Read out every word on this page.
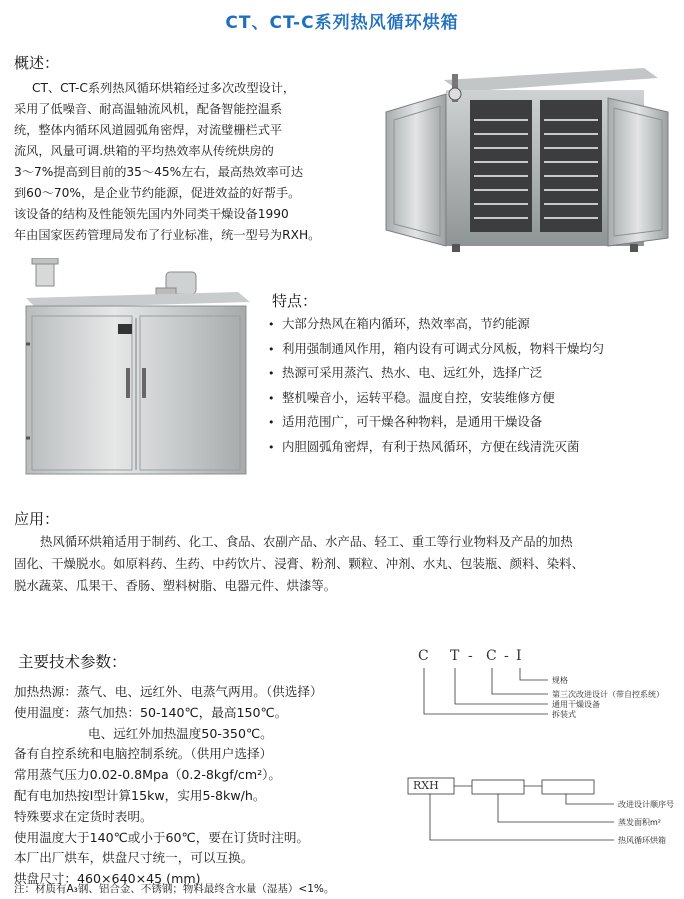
CT、CT-C系列热风循环烘箱
概述：

CT、CT-C系列热风循环烘箱经过多次改型设计，

采用了低噪音、耐高温轴流风机，配备智能控温系

统，整体内循环风道圆弧角密焊，对流璧栅栏式平

流风，风量可调.烘箱的平均热效率从传统烘房的

3～7%提高到目前的35～45%左右，最高热效率可达

到60～70%，是企业节约能源，促进效益的好帮手。

该设备的结构及性能领先国内外同类干燥设备1990

年由国家医药管理局发布了行业标准，统一型号为RXH。

特点：
• 大部分热风在箱内循环，热效率高，节约能源
• 利用强制通风作用，箱内设有可调式分风板，物料干燥均匀
• 热源可采用蒸汽、热水、电、远红外，选择广泛
• 整机噪音小，运转平稳。温度自控，安装维修方便
• 适用范围广，可干燥各种物料，是通用干燥设备
• 内胆圆弧角密焊，有利于热风循环，方便在线清洗灭菌
应用：

热风循环烘箱适用于制药、化工、食品、农副产品、水产品、轻工、重工等行业物料及产品的加热

固化、干燥脱水。如原料药、生药、中药饮片、浸膏、粉剂、颗粒、冲剂、水丸、包装瓶、颜料、染料、

脱水蔬菜、瓜果干、香肠、塑料树脂、电器元件、烘漆等。

主要技术参数：
加热热源：蒸气、电、远红外、电蒸气两用。（供选择）
使用温度：蒸气加热：50-140℃，最高150℃。
电、远红外加热温度50-350℃。
备有自控系统和电脑控制系统。（供用户选择）
常用蒸气压力0.02-0.8Mpa（0.2-8kgf/cm²）。
配有电加热按I型计算15kw，实用5-8kw/h。
特殊要求在定货时表明。
使用温度大于140℃或小于60℃，要在订货时注明。
本厂出厂烘车，烘盘尺寸统一，可以互换。
烘盘尺寸：460×640×45 (mm)
注：材质有A₃钢、铝合金、不锈钢；物料最终含水量（湿基）<1%。
C T - C - I
规格
第三次改进设计（带自控系统）
通用干燥设备
拆装式
RXH
改进设计顺序号
蒸发面积m²
热风循环烘箱
